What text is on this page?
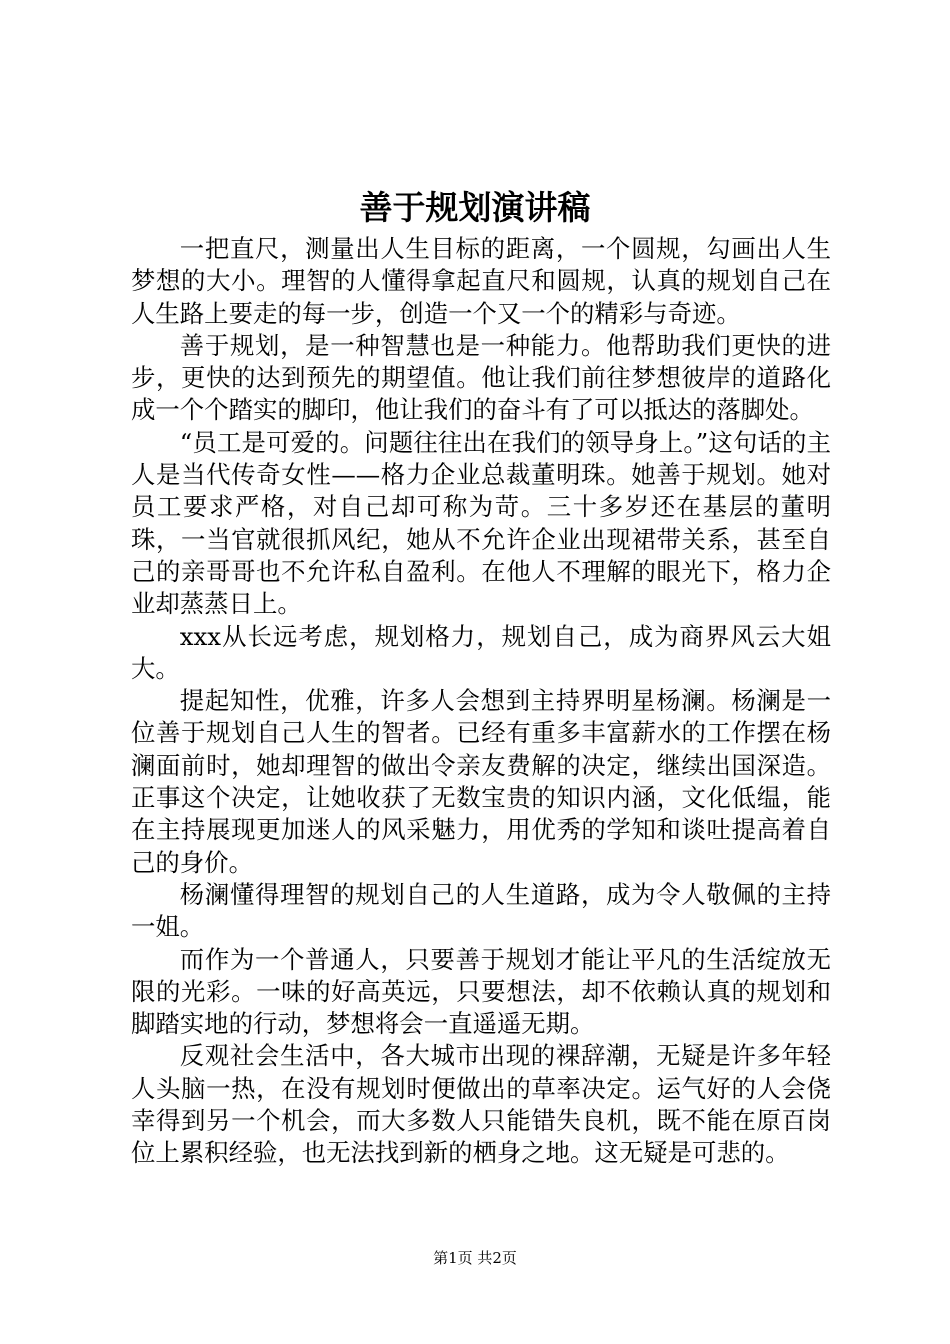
善于规划演讲稿

一把直尺，测量出人生目标的距离，一个圆规，勾画出人生梦想的大小。理智的人懂得拿起直尺和圆规，认真的规划自己在人生路上要走的每一步，创造一个又一个的精彩与奇迹。

善于规划，是一种智慧也是一种能力。他帮助我们更快的进步，更快的达到预先的期望值。他让我们前往梦想彼岸的道路化成一个个踏实的脚印，他让我们的奋斗有了可以抵达的落脚处。

“员工是可爱的。问题往往出在我们的领导身上。”这句话的主人是当代传奇女性——格力企业总裁董明珠。她善于规划。她对员工要求严格，对自己却可称为苛。三十多岁还在基层的董明珠，一当官就很抓风纪，她从不允许企业出现裙带关系，甚至自己的亲哥哥也不允许私自盈利。在他人不理解的眼光下，格力企业却蒸蒸日上。

xxx从长远考虑，规划格力，规划自己，成为商界风云大姐大。

提起知性，优雅，许多人会想到主持界明星杨澜。杨澜是一位善于规划自己人生的智者。已经有重多丰富薪水的工作摆在杨澜面前时，她却理智的做出令亲友费解的决定，继续出国深造。正事这个决定，让她收获了无数宝贵的知识内涵，文化低缊，能在主持展现更加迷人的风采魅力，用优秀的学知和谈吐提高着自己的身价。

杨澜懂得理智的规划自己的人生道路，成为令人敬佩的主持一姐。

而作为一个普通人，只要善于规划才能让平凡的生活绽放无限的光彩。一味的好高英远，只要想法，却不依赖认真的规划和脚踏实地的行动，梦想将会一直遥遥无期。

反观社会生活中，各大城市出现的裸辞潮，无疑是许多年轻人头脑一热，在没有规划时便做出的草率决定。运气好的人会侥幸得到另一个机会，而大多数人只能错失良机，既不能在原百岗位上累积经验，也无法找到新的栖身之地。这无疑是可悲的。

第1页 共2页
